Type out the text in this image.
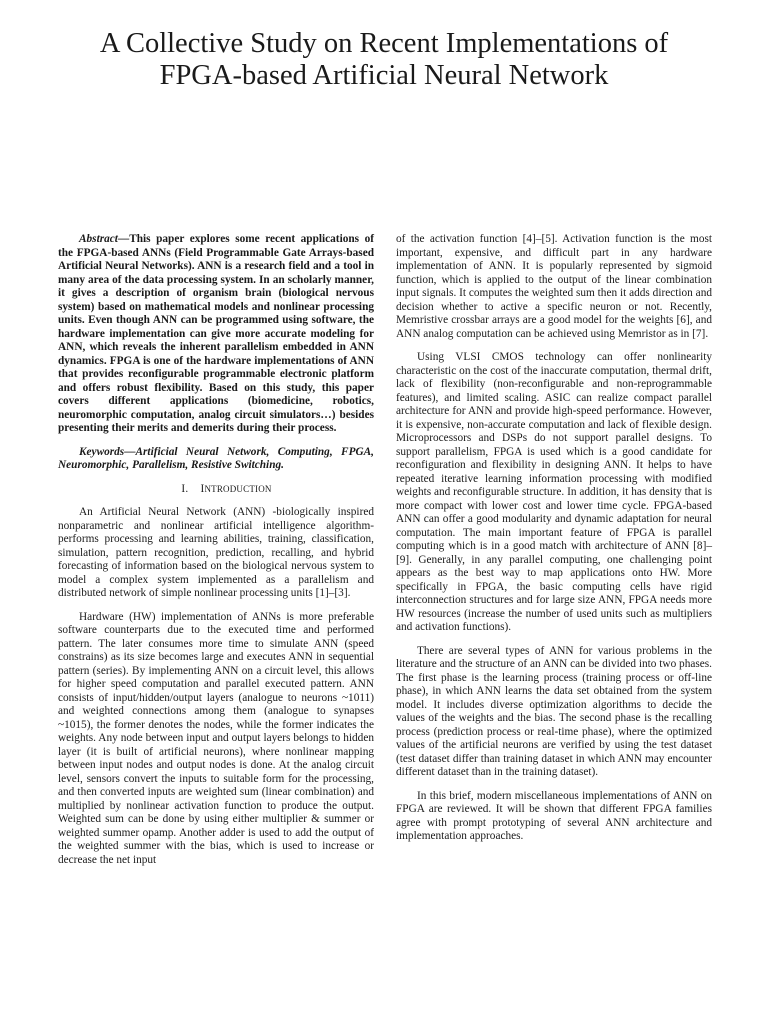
A Collective Study on Recent Implementations of
FPGA-based Artificial Neural Network

Abstract—This paper explores some recent applications of the FPGA-based ANNs (Field Programmable Gate Arrays-based Artificial Neural Networks). ANN is a research field and a tool in many area of the data processing system. In an scholarly manner, it gives a description of organism brain (biological nervous system) based on mathematical models and nonlinear processing units. Even though ANN can be programmed using software, the hardware implementation can give more accurate modeling for ANN, which reveals the inherent parallelism embedded in ANN dynamics. FPGA is one of the hardware implementations of ANN that provides reconfigurable programmable electronic platform and offers robust flexibility. Based on this study, this paper covers different applications (biomedicine, robotics, neuromorphic computation, analog circuit simulators…) besides presenting their merits and demerits during their process.

Keywords—Artificial Neural Network, Computing, FPGA, Neuromorphic, Parallelism, Resistive Switching.

I. INTRODUCTION

An Artificial Neural Network (ANN) -biologically inspired nonparametric and nonlinear artificial intelligence algorithm- performs processing and learning abilities, training, classification, simulation, pattern recognition, prediction, recalling, and hybrid forecasting of information based on the biological nervous system to model a complex system implemented as a parallelism and distributed network of simple nonlinear processing units [1]–[3].

Hardware (HW) implementation of ANNs is more preferable software counterparts due to the executed time and performed pattern. The later consumes more time to simulate ANN (speed constrains) as its size becomes large and executes ANN in sequential pattern (series). By implementing ANN on a circuit level, this allows for higher speed computation and parallel executed pattern. ANN consists of input/hidden/output layers (analogue to neurons ~1011) and weighted connections among them (analogue to synapses ~1015), the former denotes the nodes, while the former indicates the weights. Any node between input and output layers belongs to hidden layer (it is built of artificial neurons), where nonlinear mapping between input nodes and output nodes is done. At the analog circuit level, sensors convert the inputs to suitable form for the processing, and then converted inputs are weighted sum (linear combination) and multiplied by nonlinear activation function to produce the output. Weighted sum can be done by using either multiplier & summer or weighted summer opamp. Another adder is used to add the output of the weighted summer with the bias, which is used to increase or decrease the net input

of the activation function [4]–[5]. Activation function is the most important, expensive, and difficult part in any hardware implementation of ANN. It is popularly represented by sigmoid function, which is applied to the output of the linear combination input signals. It computes the weighted sum then it adds direction and decision whether to active a specific neuron or not. Recently, Memristive crossbar arrays are a good model for the weights [6], and ANN analog computation can be achieved using Memristor as in [7].

Using VLSI CMOS technology can offer nonlinearity characteristic on the cost of the inaccurate computation, thermal drift, lack of flexibility (non-reconfigurable and non-reprogrammable features), and limited scaling. ASIC can realize compact parallel architecture for ANN and provide high-speed performance. However, it is expensive, non-accurate computation and lack of flexible design. Microprocessors and DSPs do not support parallel designs. To support parallelism, FPGA is used which is a good candidate for reconfiguration and flexibility in designing ANN. It helps to have repeated iterative learning information processing with modified weights and reconfigurable structure. In addition, it has density that is more compact with lower cost and lower time cycle. FPGA-based ANN can offer a good modularity and dynamic adaptation for neural computation. The main important feature of FPGA is parallel computing which is in a good match with architecture of ANN [8]–[9]. Generally, in any parallel computing, one challenging point appears as the best way to map applications onto HW. More specifically in FPGA, the basic computing cells have rigid interconnection structures and for large size ANN, FPGA needs more HW resources (increase the number of used units such as multipliers and activation functions).

There are several types of ANN for various problems in the literature and the structure of an ANN can be divided into two phases. The first phase is the learning process (training process or off-line phase), in which ANN learns the data set obtained from the system model. It includes diverse optimization algorithms to decide the values of the weights and the bias. The second phase is the recalling process (prediction process or real-time phase), where the optimized values of the artificial neurons are verified by using the test dataset (test dataset differ than training dataset in which ANN may encounter different dataset than in the training dataset).

In this brief, modern miscellaneous implementations of ANN on FPGA are reviewed. It will be shown that different FPGA families agree with prompt prototyping of several ANN architecture and implementation approaches.
